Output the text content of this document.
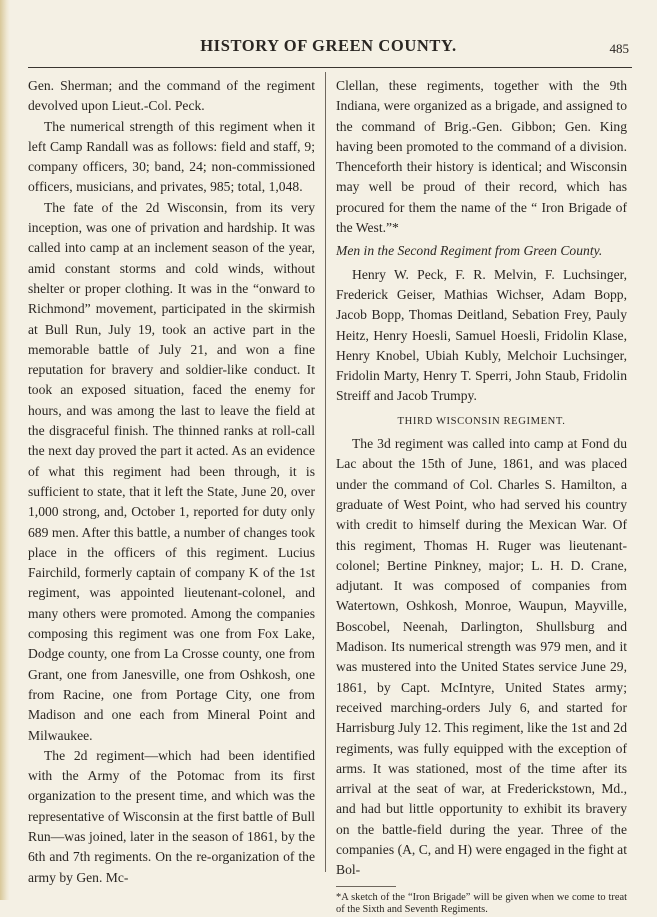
HISTORY OF GREEN COUNTY.	485

Gen. Sherman; and the command of the regiment devolved upon Lieut.-Col. Peck.

The numerical strength of this regiment when it left Camp Randall was as follows: field and staff, 9; company officers, 30; band, 24; non-commissioned officers, musicians, and privates, 985; total, 1,048.

The fate of the 2d Wisconsin, from its very inception, was one of privation and hardship. It was called into camp at an inclement season of the year, amid constant storms and cold winds, without shelter or proper clothing. It was in the “onward to Richmond” movement, participated in the skirmish at Bull Run, July 19, took an active part in the memorable battle of July 21, and won a fine reputation for bravery and soldier-like conduct. It took an exposed situation, faced the enemy for hours, and was among the last to leave the field at the disgraceful finish. The thinned ranks at roll-call the next day proved the part it acted. As an evidence of what this regiment had been through, it is sufficient to state, that it left the State, June 20, over 1,000 strong, and, October 1, reported for duty only 689 men. After this battle, a number of changes took place in the officers of this regiment. Lucius Fairchild, formerly captain of company K of the 1st regiment, was appointed lieutenant-colonel, and many others were promoted. Among the companies composing this regiment was one from Fox Lake, Dodge county, one from La Crosse county, one from Grant, one from Janesville, one from Oshkosh, one from Racine, one from Portage City, one from Madison and one each from Mineral Point and Milwaukee.

The 2d regiment—which had been identified with the Army of the Potomac from its first organization to the present time, and which was the representative of Wisconsin at the first battle of Bull Run—was joined, later in the season of 1861, by the 6th and 7th regiments. On the re-organization of the army by Gen. Mc-

Clellan, these regiments, together with the 9th Indiana, were organized as a brigade, and assigned to the command of Brig.-Gen. Gibbon; Gen. King having been promoted to the command of a division. Thenceforth their history is identical; and Wisconsin may well be proud of their record, which has procured for them the name of the “ Iron Brigade of the West.”*

Men in the Second Regiment from Green County.

Henry W. Peck, F. R. Melvin, F. Luchsinger, Frederick Geiser, Mathias Wichser, Adam Bopp, Jacob Bopp, Thomas Deitland, Sebation Frey, Pauly Heitz, Henry Hoesli, Samuel Hoesli, Fridolin Klase, Henry Knobel, Ubiah Kubly, Melchoir Luchsinger, Fridolin Marty, Henry T. Sperri, John Staub, Fridolin Streiff and Jacob Trumpy.

THIRD WISCONSIN REGIMENT.

The 3d regiment was called into camp at Fond du Lac about the 15th of June, 1861, and was placed under the command of Col. Charles S. Hamilton, a graduate of West Point, who had served his country with credit to himself during the Mexican War. Of this regiment, Thomas H. Ruger was lieutenant-colonel; Bertine Pinkney, major; L. H. D. Crane, adjutant. It was composed of companies from Watertown, Oshkosh, Monroe, Waupun, Mayville, Boscobel, Neenah, Darlington, Shullsburg and Madison. Its numerical strength was 979 men, and it was mustered into the United States service June 29, 1861, by Capt. McIntyre, United States army; received marching-orders July 6, and started for Harrisburg July 12. This regiment, like the 1st and 2d regiments, was fully equipped with the exception of arms. It was stationed, most of the time after its arrival at the seat of war, at Frederickstown, Md., and had but little opportunity to exhibit its bravery on the battle-field during the year. Three of the companies (A, C, and H) were engaged in the fight at Bol-

*A sketch of the “Iron Brigade” will be given when we come to treat of the Sixth and Seventh Regiments.
